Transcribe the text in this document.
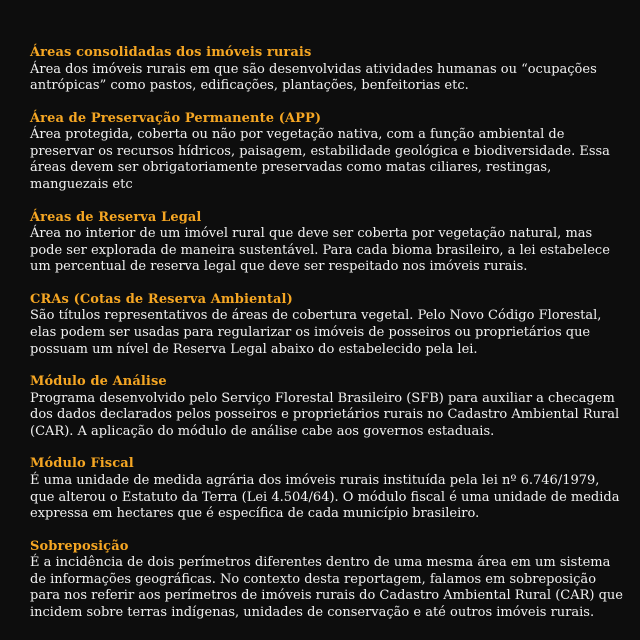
Áreas consolidadas dos imóveis rurais

Área dos imóveis rurais em que são desenvolvidas atividades humanas ou “ocupações antrópicas” como pastos, edificações, plantações, benfeitorias etc.

Área de Preservação Permanente (APP)

Área protegida, coberta ou não por vegetação nativa, com a função ambiental de preservar os recursos hídricos, paisagem, estabilidade geológica e biodiversidade. Essa áreas devem ser obrigatoriamente preservadas como matas ciliares, restingas, manguezais etc

Áreas de Reserva Legal

Área no interior de um imóvel rural que deve ser coberta por vegetação natural, mas pode ser explorada de maneira sustentável. Para cada bioma brasileiro, a lei estabelece um percentual de reserva legal que deve ser respeitado nos imóveis rurais.

CRAs (Cotas de Reserva Ambiental)

São títulos representativos de áreas de cobertura vegetal. Pelo Novo Código Florestal, elas podem ser usadas para regularizar os imóveis de posseiros ou proprietários que possuam um nível de Reserva Legal abaixo do estabelecido pela lei.

Módulo de Análise

Programa desenvolvido pelo Serviço Florestal Brasileiro (SFB) para auxiliar a checagem dos dados declarados pelos posseiros e proprietários rurais no Cadastro Ambiental Rural (CAR). A aplicação do módulo de análise cabe aos governos estaduais.

Módulo Fiscal

É uma unidade de medida agrária dos imóveis rurais instituída pela lei nº 6.746/1979, que alterou o Estatuto da Terra (Lei 4.504/64). O módulo fiscal é uma unidade de medida expressa em hectares que é específica de cada município brasileiro.

Sobreposição

É a incidência de dois perímetros diferentes dentro de uma mesma área em um sistema de informações geográficas. No contexto desta reportagem, falamos em sobreposição para nos referir aos perímetros de imóveis rurais do Cadastro Ambiental Rural (CAR) que incidem sobre terras indígenas, unidades de conservação e até outros imóveis rurais.
